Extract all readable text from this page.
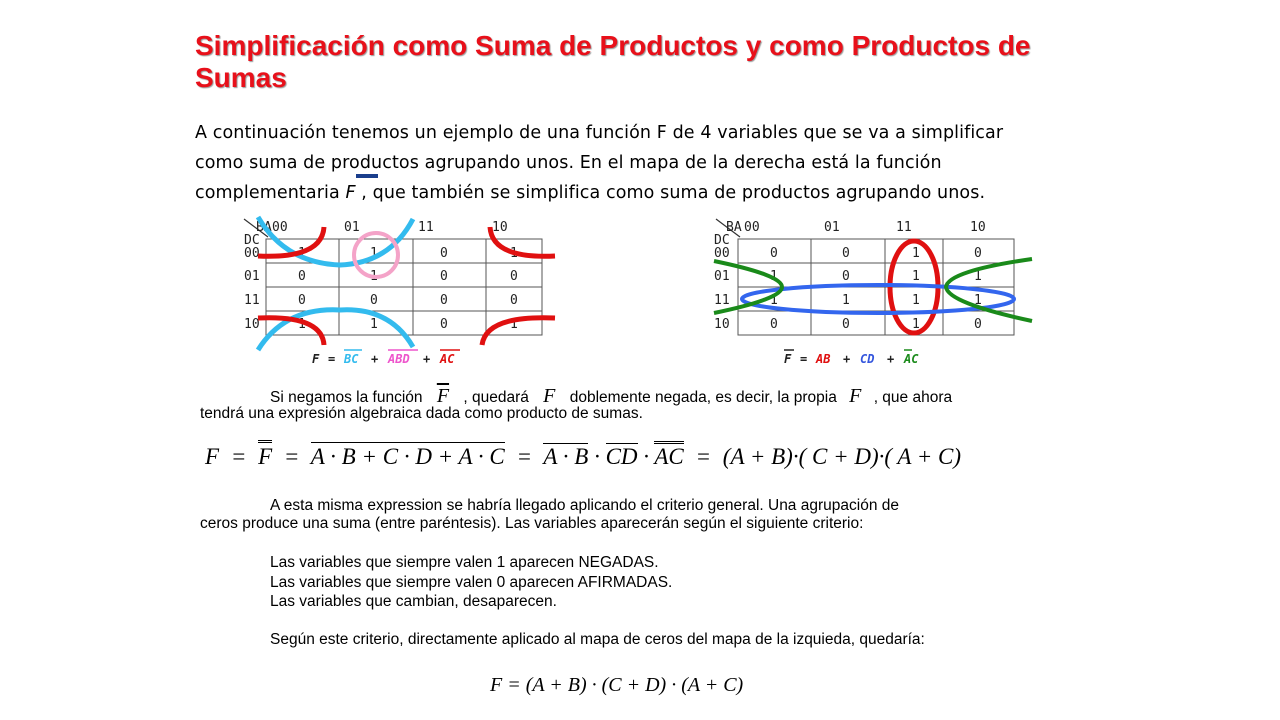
Simplificación como Suma de Productos y como Productos de Sumas

A continuación tenemos un ejemplo de una función F de 4 variables que se va a simplificar

como suma de productos agrupando unos. En el mapa de la derecha está la función

complementaria F , que también se simplifica como suma de productos agrupando unos.

BA
DC
00	01	11	10
00
01
11
10
1	1	0	1
0	1	0	0
0	0	0	0
1	1	0	1
F = BC + ABD + AC
BA
DC
00	01	11	10
00
01
11
10
0	0	1	0
1	0	1	1
1	1	1	1
0	0	1	0
F = AB + CD + AC
Si negamos la función $\overline{F}$ , quedará F doblemente negada, es decir, la propia F , que ahora
tendrá una expresión algebraica dada como producto de sumas.
F = F = A · B + C · D + A · C = A · B · CD · AC = (A + B)·( C + D)·( A + C)
A esta misma expression se habría llegado aplicando el criterio general. Una agrupación de
ceros produce una suma (entre paréntesis). Las variables aparecerán según el siguiente criterio:
Las variables que siempre valen 1 aparecen NEGADAS.
Las variables que siempre valen 0 aparecen AFIRMADAS.
Las variables que cambian, desaparecen.
Según este criterio, directamente aplicado al mapa de ceros del mapa de la izquieda, quedaría:
F = (A + B) · (C + D) · (A + C)
